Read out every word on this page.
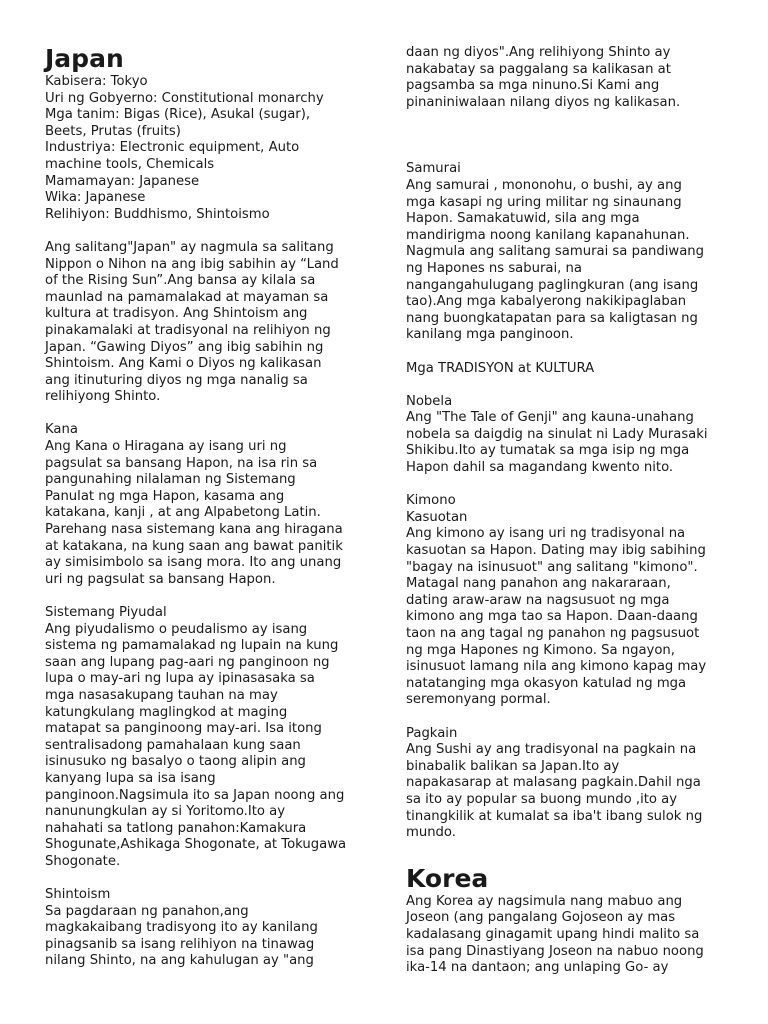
Japan

Kabisera: Tokyo

Uri ng Gobyerno: Constitutional monarchy

Mga tanim: Bigas (Rice), Asukal (sugar),
Beets, Prutas (fruits)

Industriya: Electronic equipment, Auto
machine tools, Chemicals

Mamamayan: Japanese

Wika: Japanese

Relihiyon: Buddhismo, Shintoismo

Ang salitang"Japan" ay nagmula sa salitang
Nippon o Nihon na ang ibig sabihin ay “Land
of the Rising Sun”.Ang bansa ay kilala sa
maunlad na pamamalakad at mayaman sa
kultura at tradisyon. Ang Shintoism ang
pinakamalaki at tradisyonal na relihiyon ng
Japan. “Gawing Diyos” ang ibig sabihin ng
Shintoism. Ang Kami o Diyos ng kalikasan
ang itinuturing diyos ng mga nanalig sa
relihiyong Shinto.

Kana

Ang Kana o Hiragana ay isang uri ng
pagsulat sa bansang Hapon, na isa rin sa
pangunahing nilalaman ng Sistemang
Panulat ng mga Hapon, kasama ang
katakana, kanji , at ang Alpabetong Latin.
Parehang nasa sistemang kana ang hiragana
at katakana, na kung saan ang bawat panitik
ay simisimbolo sa isang mora. Ito ang unang
uri ng pagsulat sa bansang Hapon.

Sistemang Piyudal

Ang piyudalismo o peudalismo ay isang
sistema ng pamamalakad ng lupain na kung
saan ang lupang pag-aari ng panginoon ng
lupa o may-ari ng lupa ay ipinasasaka sa
mga nasasakupang tauhan na may
katungkulang maglingkod at maging
matapat sa panginoong may-ari. Isa itong
sentralisadong pamahalaan kung saan
isinusuko ng basalyo o taong alipin ang
kanyang lupa sa isa isang
panginoon.Nagsimula ito sa Japan noong ang
nanunungkulan ay si Yoritomo.Ito ay
nahahati sa tatlong panahon:Kamakura
Shogunate,Ashikaga Shogonate, at Tokugawa
Shogonate.

Shintoism

Sa pagdaraan ng panahon,ang
magkakaibang tradisyong ito ay kanilang
pinagsanib sa isang relihiyon na tinawag
nilang Shinto, na ang kahulugan ay "ang

daan ng diyos".Ang relihiyong Shinto ay
nakabatay sa paggalang sa kalikasan at
pagsamba sa mga ninuno.Si Kami ang
pinaniniwalaan nilang diyos ng kalikasan.

Samurai

Ang samurai , mononohu, o bushi, ay ang
mga kasapi ng uring militar ng sinaunang
Hapon. Samakatuwid, sila ang mga
mandirigma noong kanilang kapanahunan.
Nagmula ang salitang samurai sa pandiwang
ng Hapones ns saburai, na
nangangahulugang paglingkuran (ang isang
tao).Ang mga kabalyerong nakikipaglaban
nang buongkatapatan para sa kaligtasan ng
kanilang mga panginoon.

Mga TRADISYON at KULTURA

Nobela

Ang "The Tale of Genji" ang kauna-unahang
nobela sa daigdig na sinulat ni Lady Murasaki
Shikibu.Ito ay tumatak sa mga isip ng mga
Hapon dahil sa magandang kwento nito.

Kimono
Kasuotan

Ang kimono ay isang uri ng tradisyonal na
kasuotan sa Hapon. Dating may ibig sabihing
"bagay na isinusuot" ang salitang "kimono".
Matagal nang panahon ang nakararaan,
dating araw-araw na nagsusuot ng mga
kimono ang mga tao sa Hapon. Daan-daang
taon na ang tagal ng panahon ng pagsusuot
ng mga Hapones ng Kimono. Sa ngayon,
isinusuot lamang nila ang kimono kapag may
natatanging mga okasyon katulad ng mga
seremonyang pormal.

Pagkain

Ang Sushi ay ang tradisyonal na pagkain na
binabalik balikan sa Japan.Ito ay
napakasarap at malasang pagkain.Dahil nga
sa ito ay popular sa buong mundo ,ito ay
tinangkilik at kumalat sa iba't ibang sulok ng
mundo.

Korea

Ang Korea ay nagsimula nang mabuo ang
Joseon (ang pangalang Gojoseon ay mas
kadalasang ginagamit upang hindi malito sa
isa pang Dinastiyang Joseon na nabuo noong
ika-14 na dantaon; ang unlaping Go- ay
